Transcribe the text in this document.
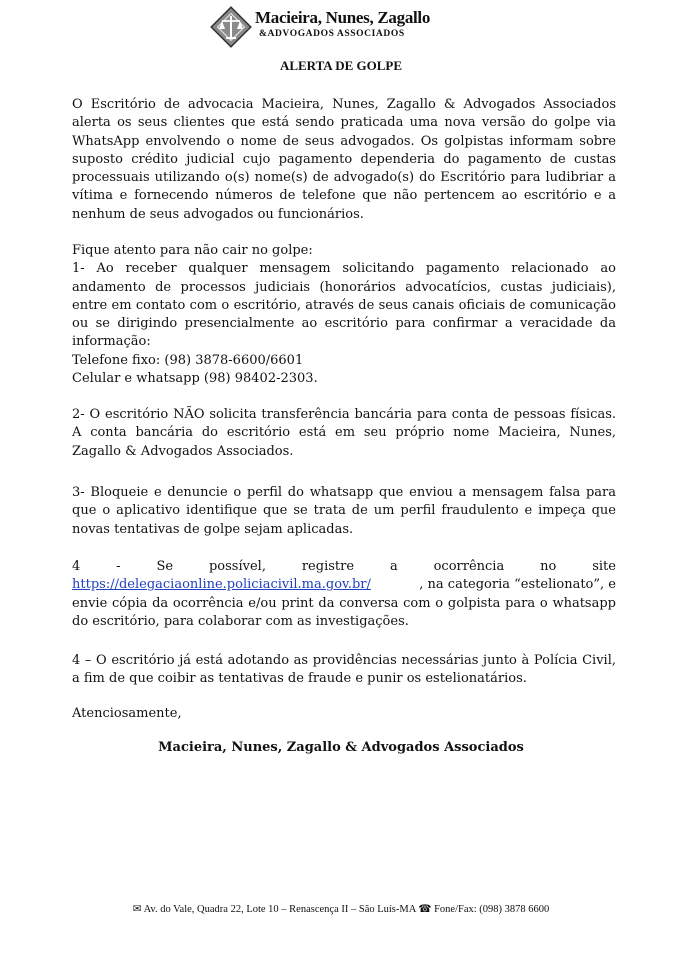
Macieira, Nunes, Zagallo
&ADVOGADOS ASSOCIADOS
ALERTA DE GOLPE
O Escritório de advocacia Macieira, Nunes, Zagallo & Advogados Associados alerta os seus clientes que está sendo praticada uma nova versão do golpe via WhatsApp envolvendo o nome de seus advogados. Os golpistas informam sobre suposto crédito judicial cujo pagamento dependeria do pagamento de custas processuais utilizando o(s) nome(s) de advogado(s) do Escritório para ludibriar a vítima e fornecendo números de telefone que não pertencem ao escritório e a nenhum de seus advogados ou funcionários.
Fique atento para não cair no golpe:
1- Ao receber qualquer mensagem solicitando pagamento relacionado ao andamento de processos judiciais (honorários advocatícios, custas judiciais), entre em contato com o escritório, através de seus canais oficiais de comunicação ou se dirigindo presencialmente ao escritório para confirmar a veracidade da informação:
Telefone fixo: (98) 3878-6600/6601
Celular e whatsapp (98) 98402-2303.
2- O escritório NÃO solicita transferência bancária para conta de pessoas físicas. A conta bancária do escritório está em seu próprio nome Macieira, Nunes, Zagallo & Advogados Associados.
3- Bloqueie e denuncie o perfil do whatsapp que enviou a mensagem falsa para que o aplicativo identifique que se trata de um perfil fraudulento e impeça que novas tentativas de golpe sejam aplicadas.
4	-	Se	possível,	registre	a	ocorrência	no	site
https://delegaciaonline.policiacivil.ma.gov.br/	, na categoria “estelionato”, e
envie cópia da ocorrência e/ou print da conversa com o golpista para o whatsapp do escritório, para colaborar com as investigações.
4 – O escritório já está adotando as providências necessárias junto à Polícia Civil, a fim de que coibir as tentativas de fraude e punir os estelionatários.
Atenciosamente,
Macieira, Nunes, Zagallo & Advogados Associados
✉ Av. do Vale, Quadra 22, Lote 10 – Renascença II – São Luís-MA ☎ Fone/Fax: (098) 3878 6600
